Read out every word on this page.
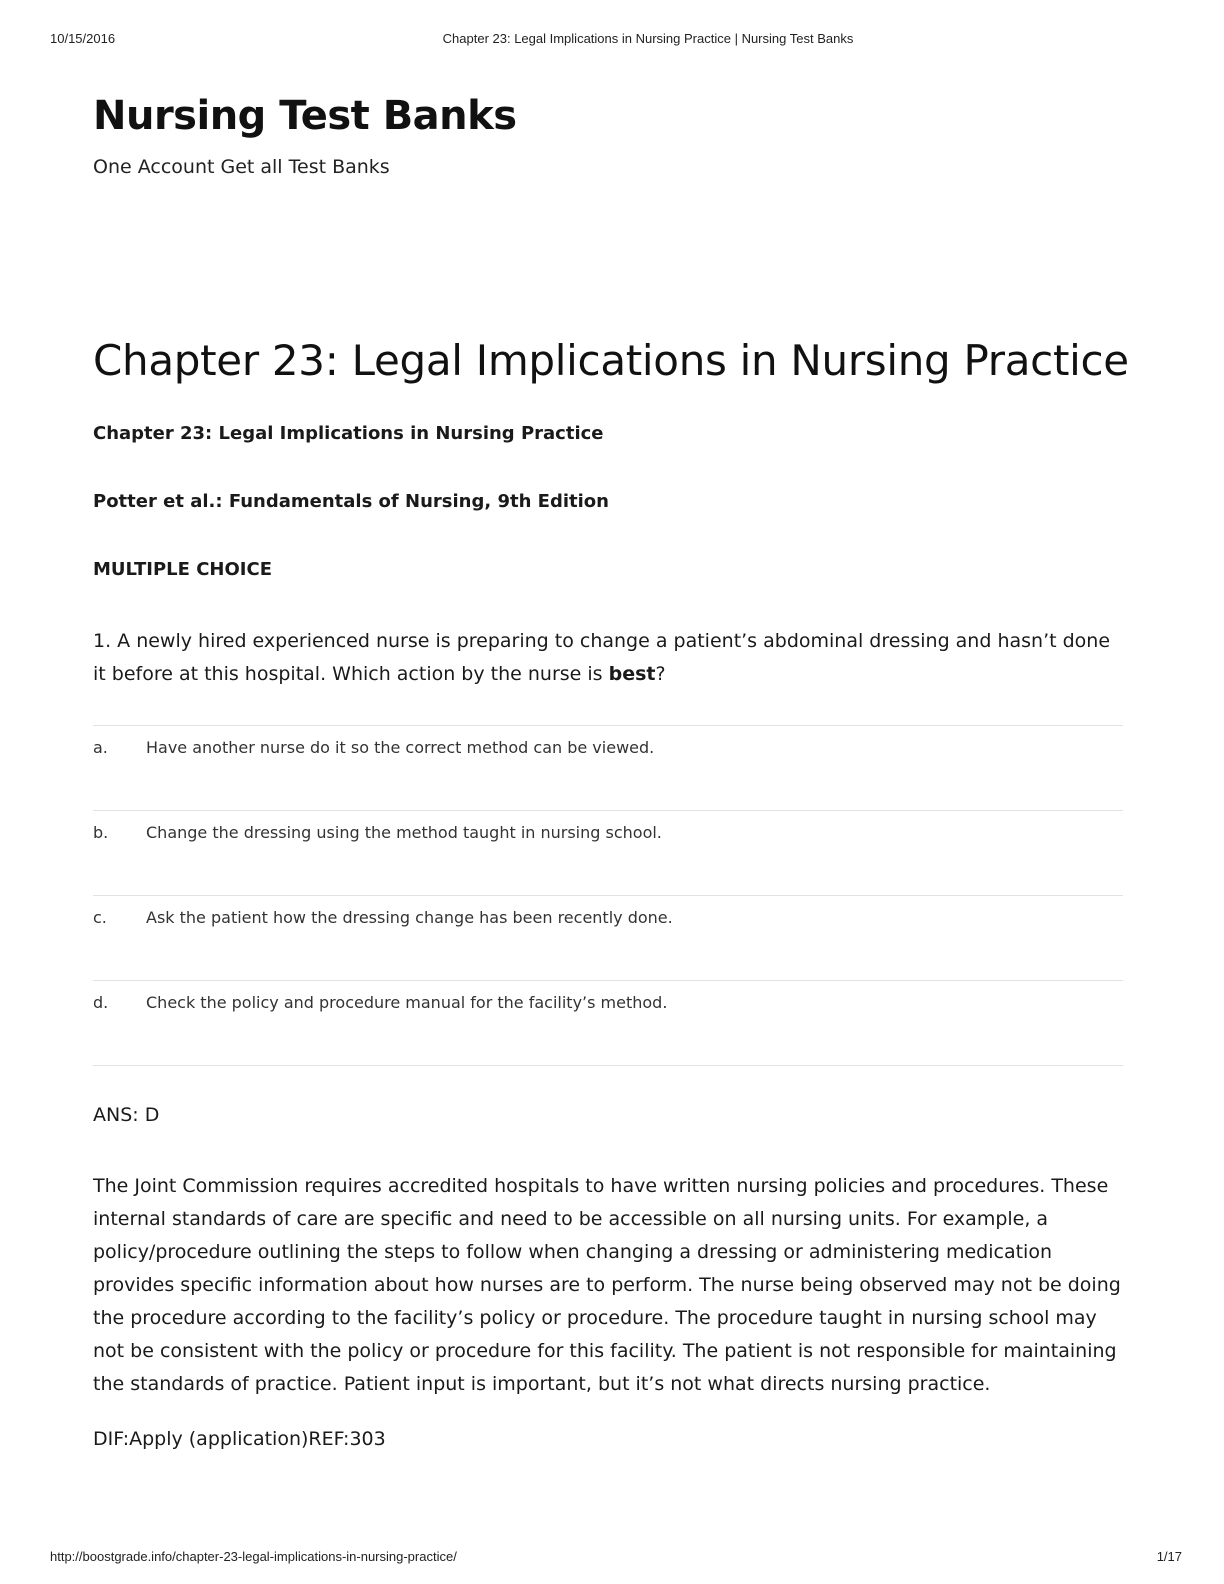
10/15/2016	Chapter 23: Legal Implications in Nursing Practice | Nursing Test Banks
Nursing Test Banks
One Account Get all Test Banks
Chapter 23: Legal Implications in Nursing Practice
Chapter 23: Legal Implications in Nursing Practice
Potter et al.: Fundamentals of Nursing, 9th Edition
MULTIPLE CHOICE
1. A newly hired experienced nurse is preparing to change a patient’s abdominal dressing and hasn’t done it before at this hospital. Which action by the nurse is best?
a. Have another nurse do it so the correct method can be viewed.
b. Change the dressing using the method taught in nursing school.
c. Ask the patient how the dressing change has been recently done.
d. Check the policy and procedure manual for the facility’s method.
ANS: D
The Joint Commission requires accredited hospitals to have written nursing policies and procedures. These internal standards of care are specific and need to be accessible on all nursing units. For example, a policy/procedure outlining the steps to follow when changing a dressing or administering medication provides specific information about how nurses are to perform. The nurse being observed may not be doing the procedure according to the facility’s policy or procedure. The procedure taught in nursing school may not be consistent with the policy or procedure for this facility. The patient is not responsible for maintaining the standards of practice. Patient input is important, but it’s not what directs nursing practice.
DIF:Apply (application)REF:303
http://boostgrade.info/chapter-23-legal-implications-in-nursing-practice/	1/17
